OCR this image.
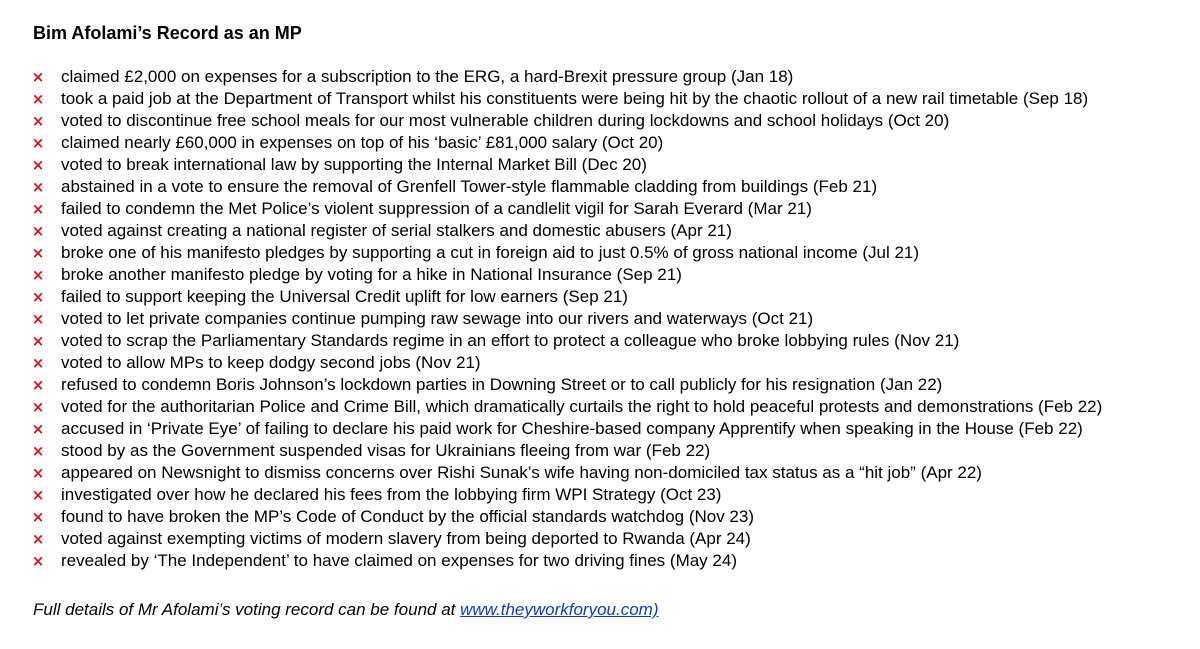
Bim Afolami’s Record as an MP
× claimed £2,000 on expenses for a subscription to the ERG, a hard-Brexit pressure group (Jan 18)
× took a paid job at the Department of Transport whilst his constituents were being hit by the chaotic rollout of a new rail timetable (Sep 18)
× voted to discontinue free school meals for our most vulnerable children during lockdowns and school holidays (Oct 20)
× claimed nearly £60,000 in expenses on top of his ‘basic’ £81,000 salary (Oct 20)
× voted to break international law by supporting the Internal Market Bill (Dec 20)
× abstained in a vote to ensure the removal of Grenfell Tower-style flammable cladding from buildings (Feb 21)
× failed to condemn the Met Police’s violent suppression of a candlelit vigil for Sarah Everard (Mar 21)
× voted against creating a national register of serial stalkers and domestic abusers (Apr 21)
× broke one of his manifesto pledges by supporting a cut in foreign aid to just 0.5% of gross national income (Jul 21)
× broke another manifesto pledge by voting for a hike in National Insurance (Sep 21)
× failed to support keeping the Universal Credit uplift for low earners (Sep 21)
× voted to let private companies continue pumping raw sewage into our rivers and waterways (Oct 21)
× voted to scrap the Parliamentary Standards regime in an effort to protect a colleague who broke lobbying rules (Nov 21)
× voted to allow MPs to keep dodgy second jobs (Nov 21)
× refused to condemn Boris Johnson’s lockdown parties in Downing Street or to call publicly for his resignation (Jan 22)
× voted for the authoritarian Police and Crime Bill, which dramatically curtails the right to hold peaceful protests and demonstrations (Feb 22)
× accused in ‘Private Eye’ of failing to declare his paid work for Cheshire-based company Apprentify when speaking in the House (Feb 22)
× stood by as the Government suspended visas for Ukrainians fleeing from war (Feb 22)
× appeared on Newsnight to dismiss concerns over Rishi Sunak’s wife having non-domiciled tax status as a “hit job” (Apr 22)
× investigated over how he declared his fees from the lobbying firm WPI Strategy (Oct 23)
× found to have broken the MP’s Code of Conduct by the official standards watchdog (Nov 23)
× voted against exempting victims of modern slavery from being deported to Rwanda (Apr 24)
× revealed by ‘The Independent’ to have claimed on expenses for two driving fines (May 24)
Full details of Mr Afolami’s voting record can be found at www.theyworkforyou.com)
